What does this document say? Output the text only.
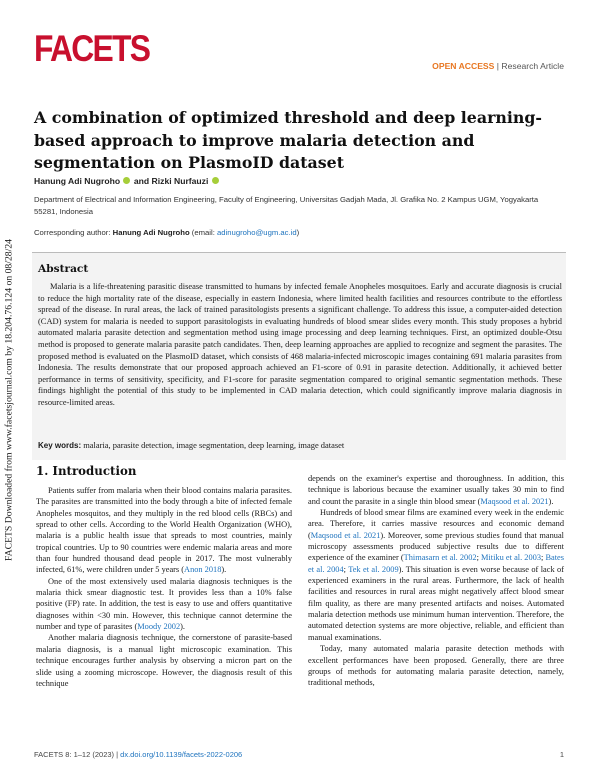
FACETS	OPEN ACCESS | Research Article
FACETS Downloaded from www.facetsjournal.com by 18.204.76.124 on 08/28/24
A combination of optimized threshold and deep learning-based approach to improve malaria detection and segmentation on PlasmoID dataset
Hanung Adi Nugroho and Rizki Nurfauzi
Department of Electrical and Information Engineering, Faculty of Engineering, Universitas Gadjah Mada, Jl. Grafika No. 2 Kampus UGM, Yogyakarta 55281, Indonesia
Corresponding author: Hanung Adi Nugroho (email: adinugroho@ugm.ac.id)
Abstract

Malaria is a life-threatening parasitic disease transmitted to humans by infected female Anopheles mosquitoes. Early and accurate diagnosis is crucial to reduce the high mortality rate of the disease, especially in eastern Indonesia, where limited health facilities and resources contribute to the effortless spread of the disease. In rural areas, the lack of trained parasitologists presents a significant challenge. To address this issue, a computer-aided detection (CAD) system for malaria is needed to support parasitologists in evaluating hundreds of blood smear slides every month. This study proposes a hybrid automated malaria parasite detection and segmentation method using image processing and deep learning techniques. First, an optimized double-Otsu method is proposed to generate malaria parasite patch candidates. Then, deep learning approaches are applied to recognize and segment the parasites. The proposed method is evaluated on the PlasmoID dataset, which consists of 468 malaria-infected microscopic images containing 691 malaria parasites from Indonesia. The results demonstrate that our proposed approach achieved an F1-score of 0.91 in parasite detection. Additionally, it achieved better performance in terms of sensitivity, specificity, and F1-score for parasite segmentation compared to original semantic segmentation methods. These findings highlight the potential of this study to be implemented in CAD malaria detection, which could significantly improve malaria diagnosis in resource-limited areas.

Key words: malaria, parasite detection, image segmentation, deep learning, image dataset
1. Introduction

Patients suffer from malaria when their blood contains malaria parasites. The parasites are transmitted into the body through a bite of infected female Anopheles mosquitos, and they multiply in the red blood cells (RBCs) and spread to other cells. According to the World Health Organization (WHO), malaria is a public health issue that spreads to most countries, mainly tropical countries. Up to 90 countries were endemic malaria areas and more than four hundred thousand dead people in 2017. The most vulnerably infected, 61%, were children under 5 years (Anon 2018).

One of the most extensively used malaria diagnosis techniques is the malaria thick smear diagnostic test. It provides less than a 10% false positive (FP) rate. In addition, the test is easy to use and offers quantitative diagnoses within <30 min. However, this technique cannot determine the number and type of parasites (Moody 2002).

Another malaria diagnosis technique, the cornerstone of parasite-based malaria diagnosis, is a manual light microscopic examination. This technique encourages further analysis by observing a micron part on the slide using a zooming microscope. However, the diagnosis result of this technique

depends on the examiner's expertise and thoroughness. In addition, this technique is laborious because the examiner usually takes 30 min to find and count the parasite in a single thin blood smear (Maqsood et al. 2021).

Hundreds of blood smear films are examined every week in the endemic area. Therefore, it carries massive resources and economic demand (Maqsood et al. 2021). Moreover, some previous studies found that manual microscopy assessments produced subjective results due to different experience of the examiner (Thimasarn et al. 2002; Mitiku et al. 2003; Bates et al. 2004; Tek et al. 2009). This situation is even worse because of lack of experienced examiners in the rural areas. Furthermore, the lack of health facilities and resources in rural areas might negatively affect blood smear film quality, as there are many presented artifacts and noises. Automated malaria detection methods use minimum human intervention. Therefore, the automated detection systems are more objective, reliable, and efficient than manual examinations.

Today, many automated malaria parasite detection methods with excellent performances have been proposed. Generally, there are three groups of methods for automating malaria parasite detection, namely, traditional methods,

FACETS 8: 1–12 (2023) | dx.doi.org/10.1139/facets-2022-0206	1
